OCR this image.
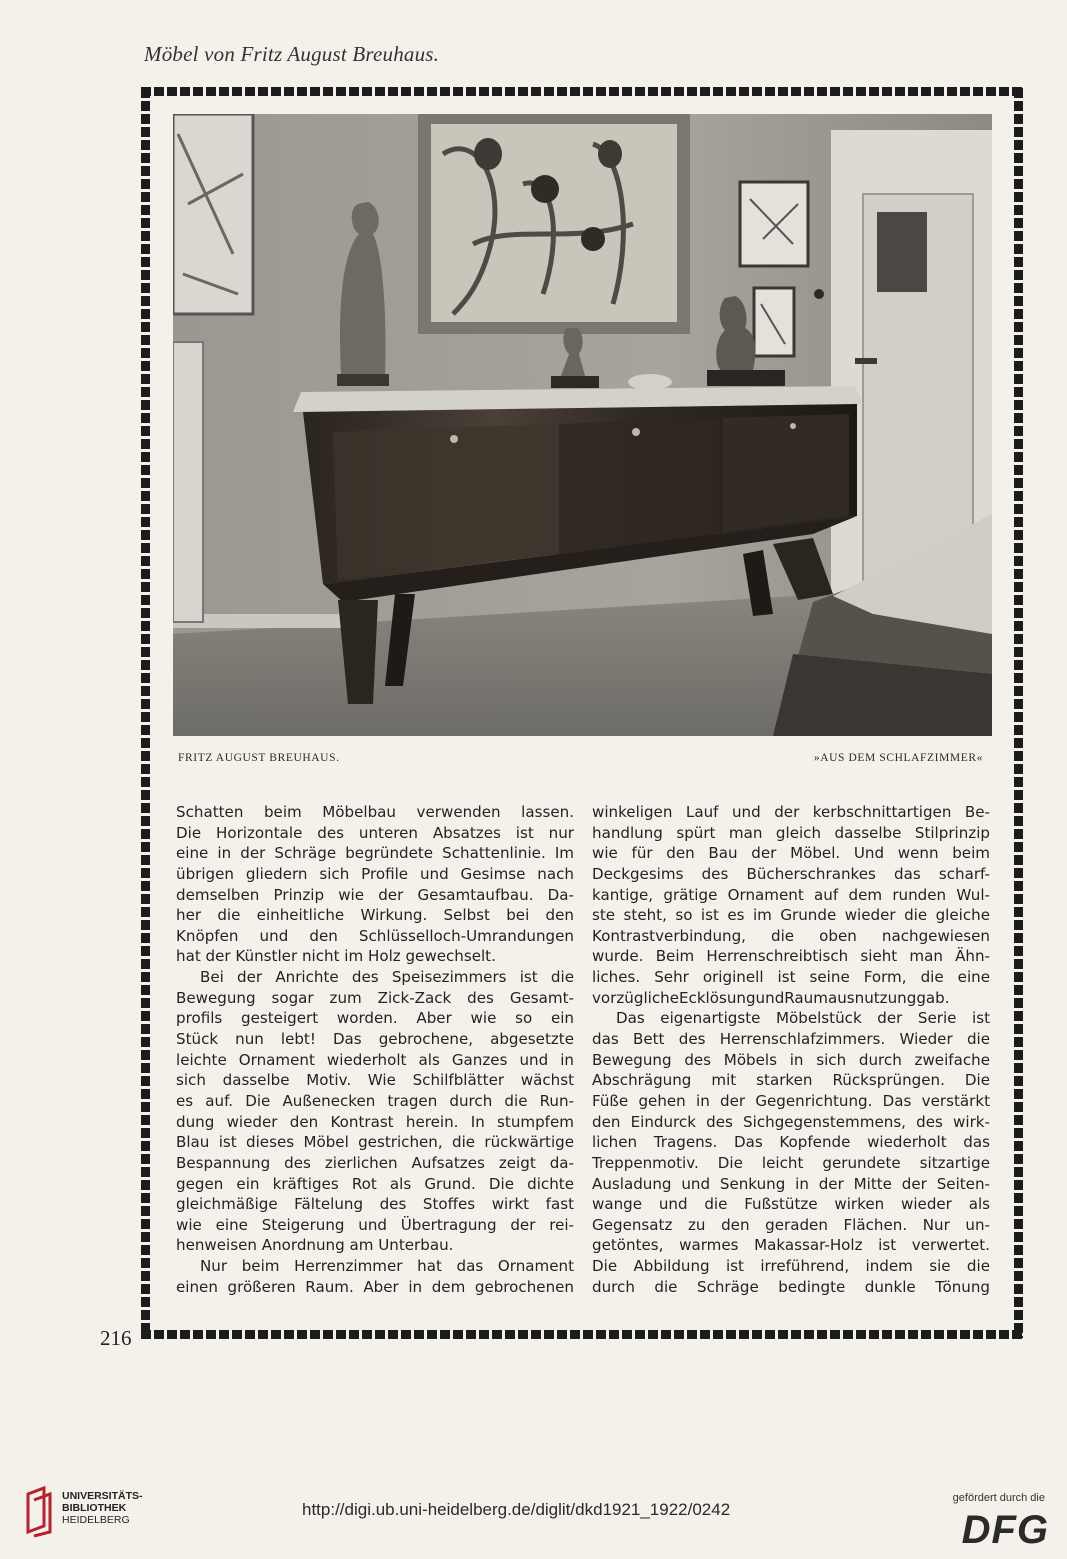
Möbel von Fritz August Breuhaus.
FRITZ AUGUST BREUHAUS.	»AUS DEM SCHLAFZIMMER«
Schatten beim Möbelbau verwenden lassen.
Die Horizontale des unteren Absatzes ist nur
eine in der Schräge begründete Schattenlinie. Im
übrigen gliedern sich Profile und Gesimse nach
demselben Prinzip wie der Gesamtaufbau. Da-
her die einheitliche Wirkung. Selbst bei den
Knöpfen und den Schlüsselloch-Umrandungen
hat der Künstler nicht im Holz gewechselt.
Bei der Anrichte des Speisezimmers ist die
Bewegung sogar zum Zick-Zack des Gesamt-
profils gesteigert worden. Aber wie so ein
Stück nun lebt! Das gebrochene, abgesetzte
leichte Ornament wiederholt als Ganzes und in
sich dasselbe Motiv. Wie Schilfblätter wächst
es auf. Die Außenecken tragen durch die Run-
dung wieder den Kontrast herein. In stumpfem
Blau ist dieses Möbel gestrichen, die rückwärtige
Bespannung des zierlichen Aufsatzes zeigt da-
gegen ein kräftiges Rot als Grund. Die dichte
gleichmäßige Fältelung des Stoffes wirkt fast
wie eine Steigerung und Übertragung der rei-
henweisen Anordnung am Unterbau.
Nur beim Herrenzimmer hat das Ornament
einen größeren Raum. Aber in dem gebrochenen
winkeligen Lauf und der kerbschnittartigen Be-
handlung spürt man gleich dasselbe Stilprinzip
wie für den Bau der Möbel. Und wenn beim
Deckgesims des Bücherschrankes das scharf-
kantige, grätige Ornament auf dem runden Wul-
ste steht, so ist es im Grunde wieder die gleiche
Kontrastverbindung, die oben nachgewiesen
wurde. Beim Herrenschreibtisch sieht man Ähn-
liches. Sehr originell ist seine Form, die eine
vorzüglicheEcklösungundRaumausnutzunggab.
Das eigenartigste Möbelstück der Serie ist
das Bett des Herrenschlafzimmers. Wieder die
Bewegung des Möbels in sich durch zweifache
Abschrägung mit starken Rücksprüngen. Die
Füße gehen in der Gegenrichtung. Das verstärkt
den Eindurck des Sichgegenstemmens, des wirk-
lichen Tragens. Das Kopfende wiederholt das
Treppenmotiv. Die leicht gerundete sitzartige
Ausladung und Senkung in der Mitte der Seiten-
wange und die Fußstütze wirken wieder als
Gegensatz zu den geraden Flächen. Nur un-
getöntes, warmes Makassar-Holz ist verwertet.
Die Abbildung ist irreführend, indem sie die
durch die Schräge bedingte dunkle Tönung
216
UNIVERSITÄTS-
BIBLIOTHEK
HEIDELBERG
http://digi.ub.uni-heidelberg.de/diglit/dkd1921_1922/0242
gefördert durch die
DFG
